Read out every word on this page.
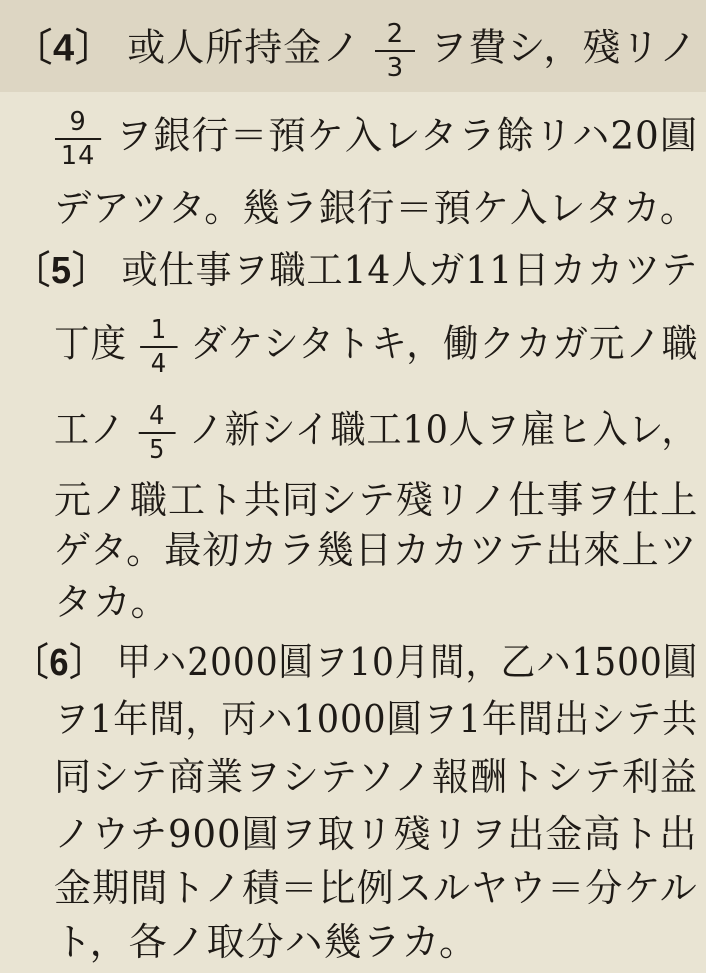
〔4〕 或人所持金ノ $\frac{2}{3}$ ヲ費シ，殘リノ
$\frac{9}{14}$ ヲ銀行＝預ケ入レタラ餘リハ20圓
デアツタ。幾ラ銀行＝預ケ入レタカ。
〔5〕 或仕事ヲ職工14人ガ11日カカツテ
丁度 $\frac{1}{4}$ ダケシタトキ，働クカガ元ノ職
工ノ $\frac{4}{5}$ ノ新シイ職工10人ヲ雇ヒ入レ，
元ノ職工ト共同シテ殘リノ仕事ヲ仕上
ゲタ。最初カラ幾日カカツテ出來上ツ
タカ。
〔6〕 甲ハ2000圓ヲ10月間，乙ハ1500圓
ヲ1年間，丙ハ1000圓ヲ1年間出シテ共
同シテ商業ヲシテソノ報酬トシテ利益
ノウチ900圓ヲ取リ殘リヲ出金高ト出
金期間トノ積＝比例スルヤウ＝分ケル
ト，各ノ取分ハ幾ラカ。
